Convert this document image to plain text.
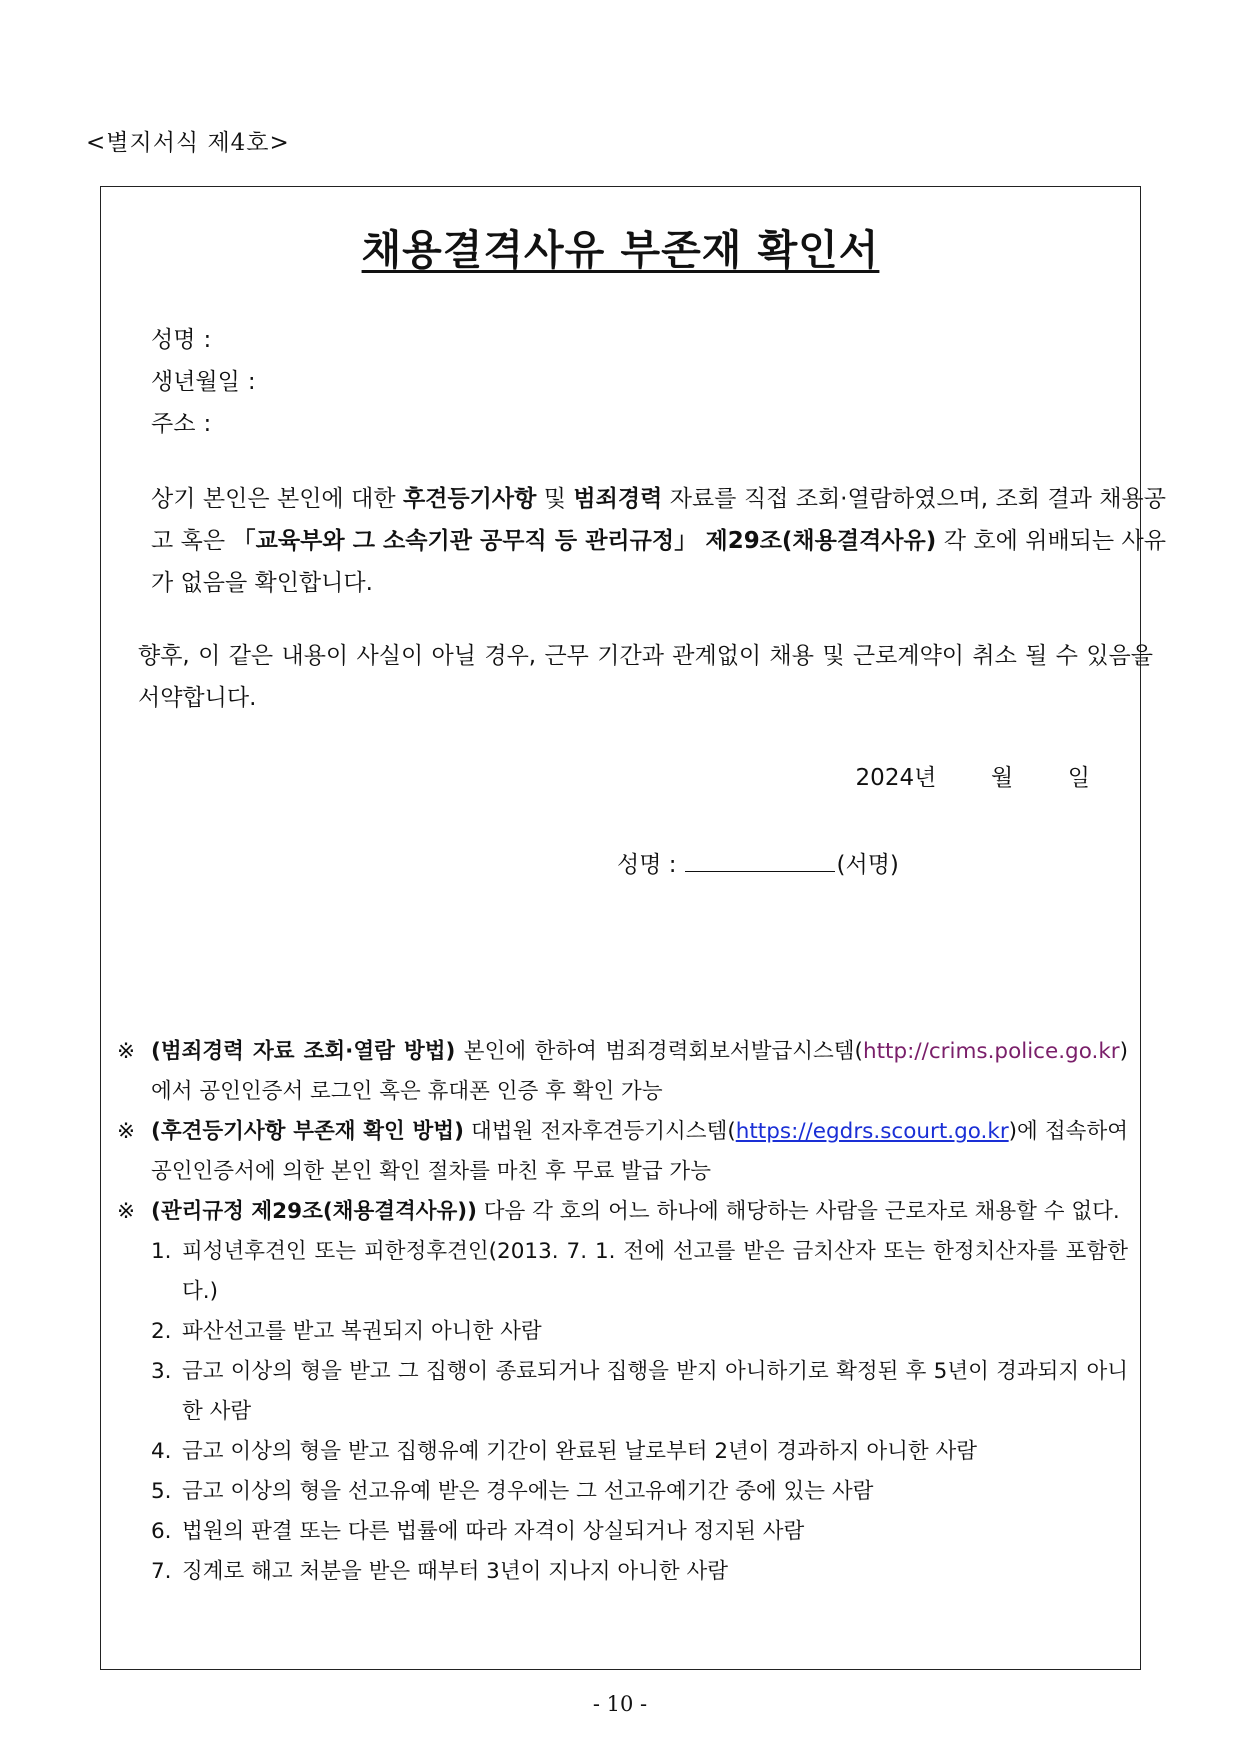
<별지서식 제4호>
채용결격사유 부존재 확인서
성명 :
생년월일 :
주소 :
상기 본인은 본인에 대한 후견등기사항 및 범죄경력 자료를 직접 조회·열람하였으며, 조회 결과 채용공고 혹은 「교육부와 그 소속기관 공무직 등 관리규정」 제29조(채용결격사유) 각 호에 위배되는 사유가 없음을 확인합니다.
향후, 이 같은 내용이 사실이 아닐 경우, 근무 기간과 관계없이 채용 및 근로계약이 취소 될 수 있음을 서약합니다.
2024년 월 일
성명 :	(서명)
※ (범죄경력 자료 조회·열람 방법) 본인에 한하여 범죄경력회보서발급시스템(http://crims.police.go.kr)에서 공인인증서 로그인 혹은 휴대폰 인증 후 확인 가능
※ (후견등기사항 부존재 확인 방법) 대법원 전자후견등기시스템(https://egdrs.scourt.go.kr)에 접속하여 공인인증서에 의한 본인 확인 절차를 마친 후 무료 발급 가능
※ (관리규정 제29조(채용결격사유)) 다음 각 호의 어느 하나에 해당하는 사람을 근로자로 채용할 수 없다.
1. 피성년후견인 또는 피한정후견인(2013. 7. 1. 전에 선고를 받은 금치산자 또는 한정치산자를 포함한다.)
2. 파산선고를 받고 복권되지 아니한 사람
3. 금고 이상의 형을 받고 그 집행이 종료되거나 집행을 받지 아니하기로 확정된 후 5년이 경과되지 아니한 사람
4. 금고 이상의 형을 받고 집행유예 기간이 완료된 날로부터 2년이 경과하지 아니한 사람
5. 금고 이상의 형을 선고유예 받은 경우에는 그 선고유예기간 중에 있는 사람
6. 법원의 판결 또는 다른 법률에 따라 자격이 상실되거나 정지된 사람
7. 징계로 해고 처분을 받은 때부터 3년이 지나지 아니한 사람
- 10 -
